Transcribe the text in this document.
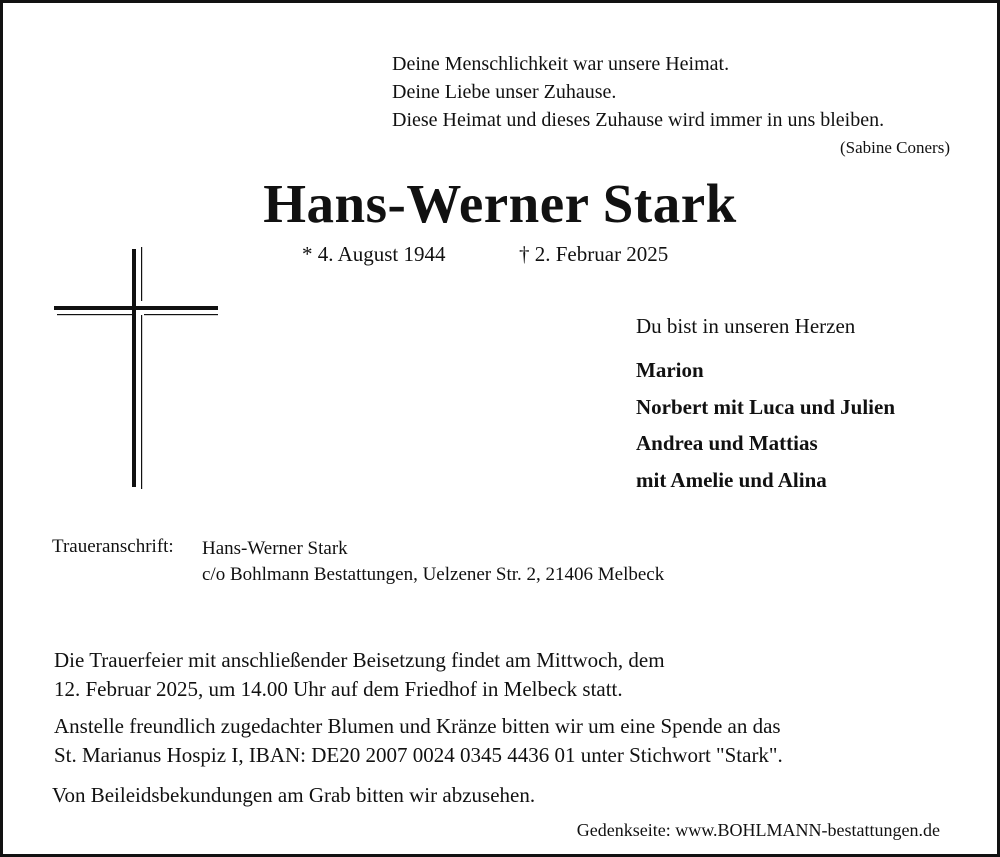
Deine Menschlichkeit war unsere Heimat.
Deine Liebe unser Zuhause.
Diese Heimat und dieses Zuhause wird immer in uns bleiben.
(Sabine Coners)
Hans-Werner Stark
* 4. August 1944	† 2. Februar 2025
Du bist in unseren Herzen
Marion
Norbert mit Luca und Julien
Andrea und Mattias
mit Amelie und Alina
Traueranschrift: Hans-Werner Stark
c/o Bohlmann Bestattungen, Uelzener Str. 2, 21406 Melbeck
Die Trauerfeier mit anschließender Beisetzung findet am Mittwoch, dem
12. Februar 2025, um 14.00 Uhr auf dem Friedhof in Melbeck statt.
Anstelle freundlich zugedachter Blumen und Kränze bitten wir um eine Spende an das
St. Marianus Hospiz I, IBAN: DE20 2007 0024 0345 4436 01 unter Stichwort "Stark".
Von Beileidsbekundungen am Grab bitten wir abzusehen.
Gedenkseite: www.BOHLMANN-bestattungen.de
